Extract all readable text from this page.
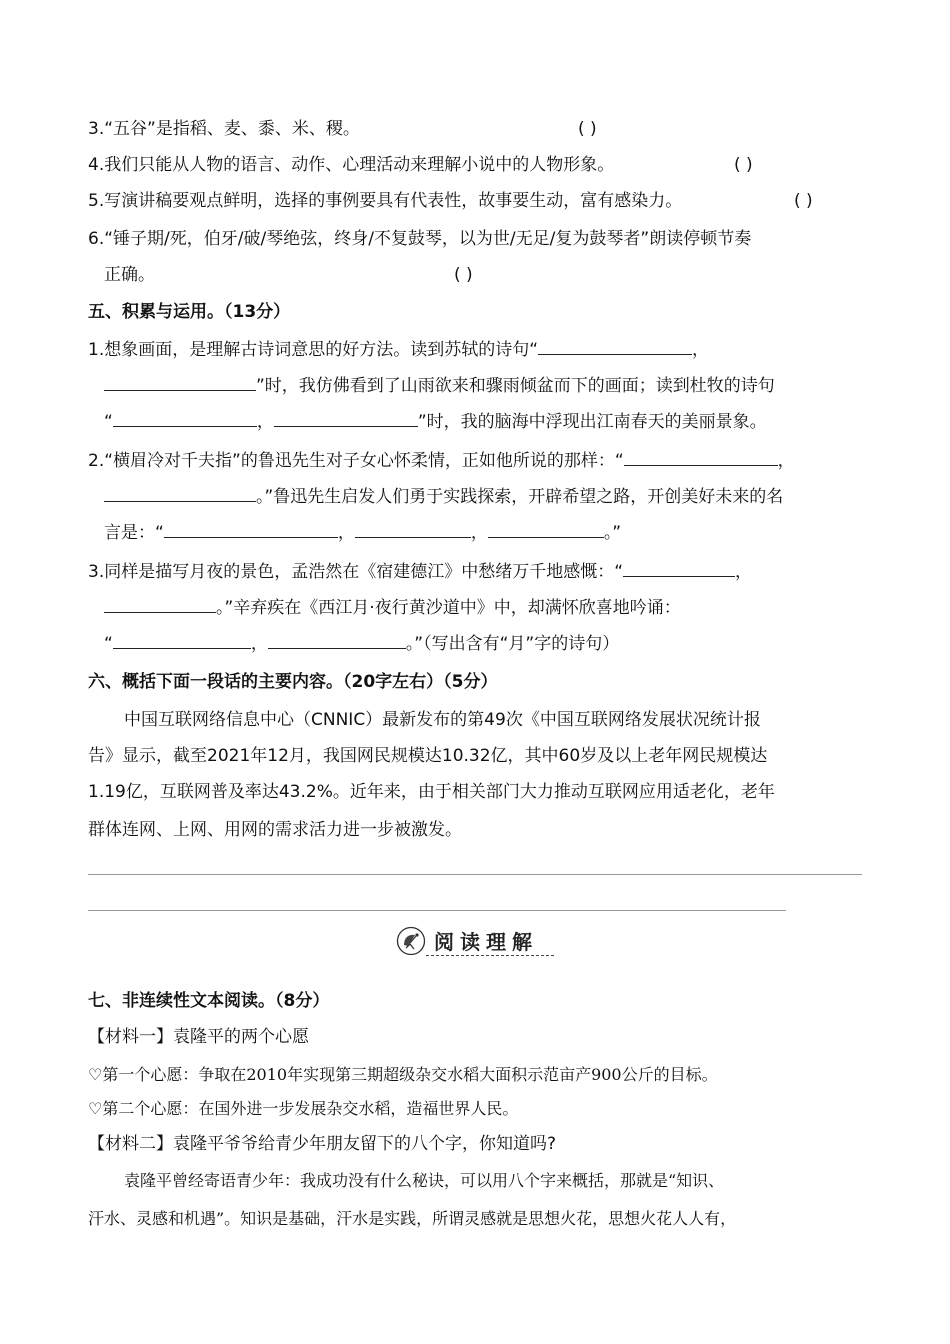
3.“五谷”是指稻、麦、黍、米、稷。	( )
4.我们只能从人物的语言、动作、心理活动来理解小说中的人物形象。	( )
5.写演讲稿要观点鲜明，选择的事例要具有代表性，故事要生动，富有感染力。	( )
6.“锤子期/死，伯牙/破/琴绝弦，终身/不复鼓琴，以为世/无足/复为鼓琴者”朗读停顿节奏
正确。	( )
五、积累与运用。（13分）
1.想象画面，是理解古诗词意思的好方法。读到苏轼的诗句“	，
”时，我仿佛看到了山雨欲来和骤雨倾盆而下的画面；读到杜牧的诗句
“	，	”时，我的脑海中浮现出江南春天的美丽景象。
2.“横眉冷对千夫指”的鲁迅先生对子女心怀柔情，正如他所说的那样：“	，
。”鲁迅先生启发人们勇于实践探索，开辟希望之路，开创美好未来的名
言是：“	，	，	。”
3.同样是描写月夜的景色，孟浩然在《宿建德江》中愁绪万千地感慨：“	，
。”辛弃疾在《西江月·夜行黄沙道中》中，却满怀欣喜地吟诵：
“	，	。”（写出含有“月”字的诗句）
六、概括下面一段话的主要内容。（20字左右）（5分）
中国互联网络信息中心（CNNIC）最新发布的第49次《中国互联网络发展状况统计报
告》显示，截至2021年12月，我国网民规模达10.32亿，其中60岁及以上老年网民规模达
1.19亿，互联网普及率达43.2%。近年来，由于相关部门大力推动互联网应用适老化，老年
群体连网、上网、用网的需求活力进一步被激发。
阅读理解
七、非连续性文本阅读。（8分）
【材料一】袁隆平的两个心愿
♡第一个心愿：争取在2010年实现第三期超级杂交水稻大面积示范亩产900公斤的目标。
♡第二个心愿：在国外进一步发展杂交水稻，造福世界人民。
【材料二】袁隆平爷爷给青少年朋友留下的八个字，你知道吗?
袁隆平曾经寄语青少年：我成功没有什么秘诀，可以用八个字来概括，那就是“知识、
汗水、灵感和机遇”。知识是基础，汗水是实践，所谓灵感就是思想火花，思想火花人人有，
